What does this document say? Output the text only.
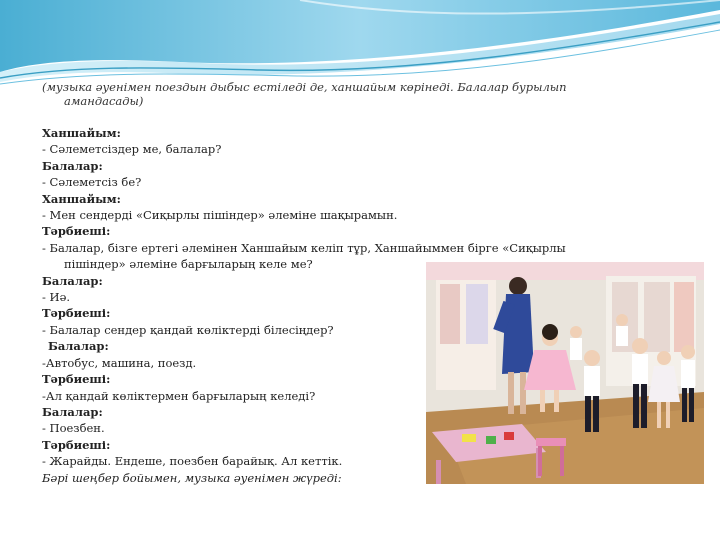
(музыка әуенімен поездын дыбыс естіледі де, ханшайым көрінеді. Балалар бурылып
амандасады)
Ханшайым:
- Сәлеметсіздер ме, балалар?
Балалар:
- Сәлеметсіз бе?
Ханшайым:
- Мен сендерді «Сиқырлы пішіндер» әлеміне шақырамын.
Тәрбиеші:
- Балалар, бізге ертегі әлемінен Ханшайым келіп тұр, Ханшайыммен бірге «Сиқырлы
пішіндер» әлеміне барғыларың келе ме?
Балалар:
- Иә.
Тәрбиеші:
- Балалар сендер қандай көліктерді білесіңдер?
Балалар:
-Автобус, машина, поезд.
Тәрбиеші:
-Ал қандай көліктермен барғыларың келеді?
Балалар:
- Поезбен.
Тәрбиеші:
- Жарайды. Ендеше, поезбен барайық. Ал кеттік.
Бәрі шеңбер бойымен, музыка әуенімен жүреді:
